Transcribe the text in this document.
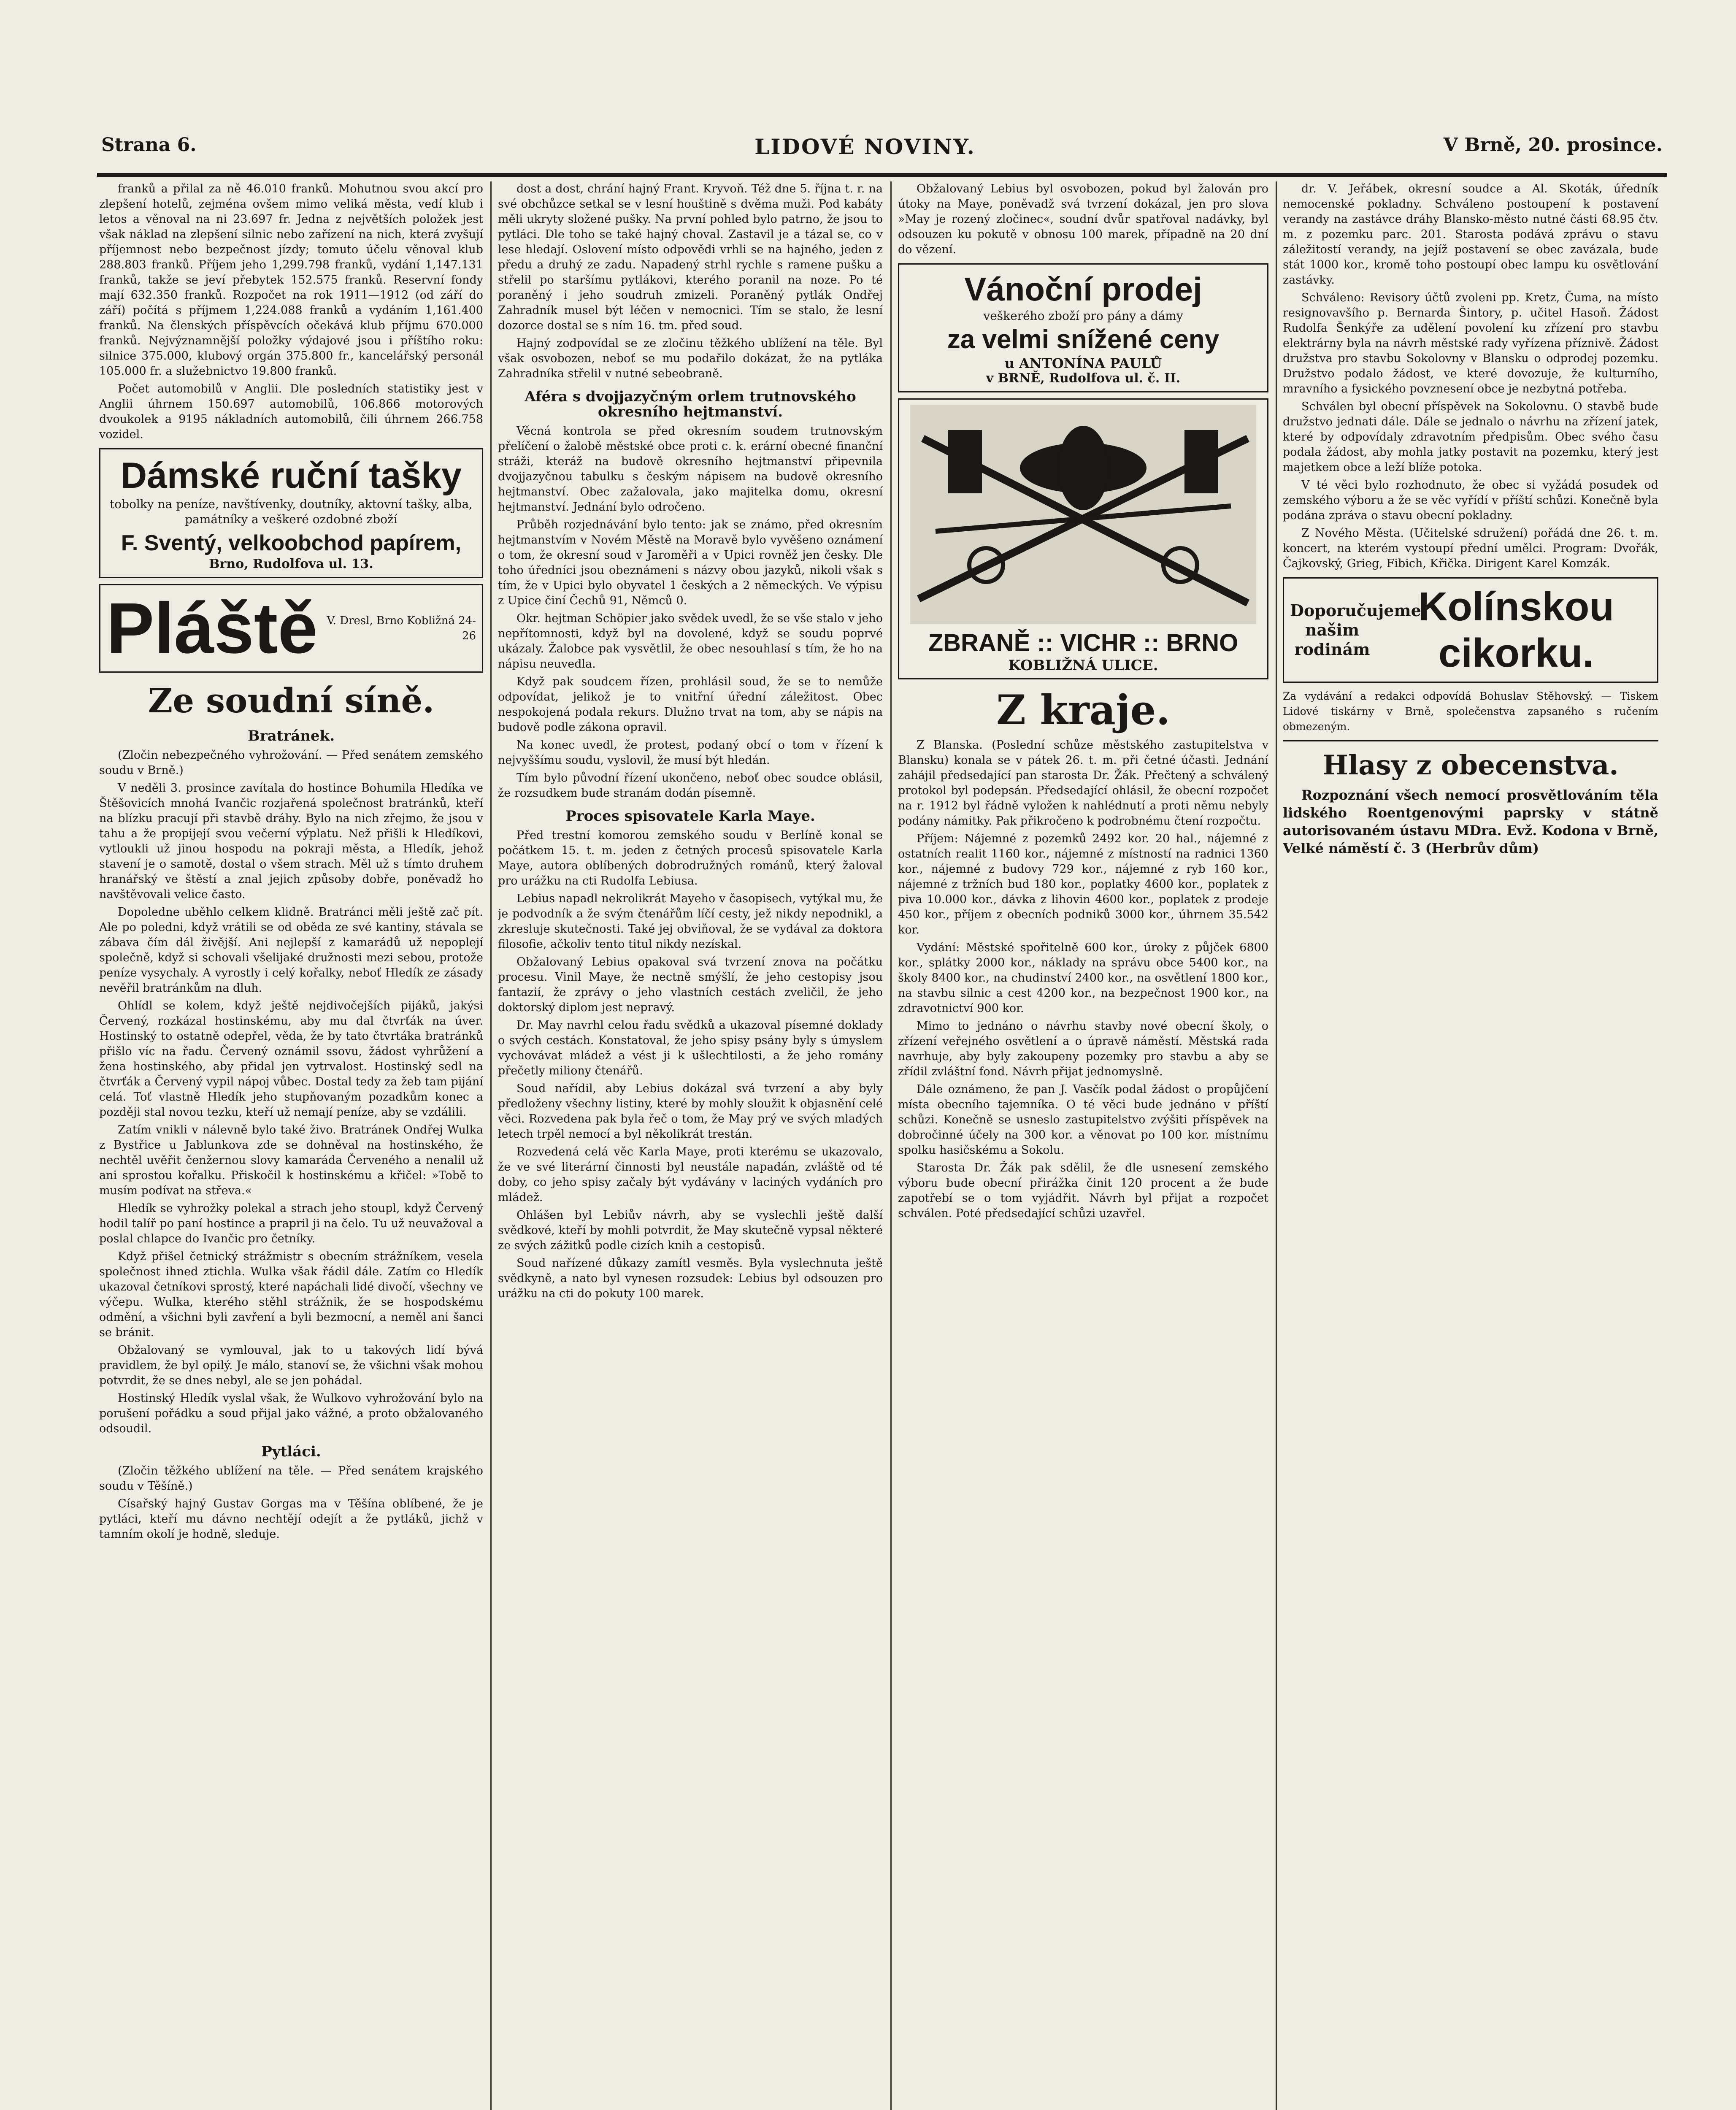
Strana 6.	LIDOVÉ NOVINY.	V Brně, 20. prosince.

franků a přilal za ně 46.010 franků. Mohutnou svou akcí pro zlepšení hotelů, zejména ovšem mimo veliká města, vedí klub i letos a věnoval na ni 23.697 fr. Jedna z největších položek jest však náklad na zlepšení silnic nebo zařízení na nich, která zvyšují příjemnost nebo bezpečnost jízdy; tomuto účelu věnoval klub 288.803 franků. Příjem jeho 1,299.798 franků, vydání 1,147.131 franků, takže se jeví přebytek 152.575 franků. Reservní fondy mají 632.350 franků. Rozpočet na rok 1911—1912 (od září do září) počítá s příjmem 1,224.088 franků a vydáním 1,161.400 franků. Na členských příspěvcích očekává klub příjmu 670.000 franků. Nejvýznamnější položky výdajové jsou i příštího roku: silnice 375.000, klubový orgán 375.800 fr., kancelářský personál 105.000 fr. a služebnictvo 19.800 franků.

Počet automobilů v Anglii. Dle posledních statistiky jest v Anglii úhrnem 150.697 automobilů, 106.866 motorových dvoukolek a 9195 nákladních automobilů, čili úhrnem 266.758 vozidel.

Dámské ruční tašky
tobolky na peníze, navštívenky, doutníky, aktovní tašky, alba, památníky a veškeré ozdobné zboží
F. Sventý, velkoobchod papírem,
Brno, Rudolfova ul. 13.
Pláště V. Dresl, Brno Kobližná 24-26
Ze soudní síně.
Bratránek.

(Zločin nebezpečného vyhrožování. — Před senátem zemského soudu v Brně.)

V neděli 3. prosince zavítala do hostince Bohumila Hledíka ve Štěšovicích mnohá Ivančic rozjařená společnost bratránků, kteří na blízku pracují při stavbě dráhy. Bylo na nich zřejmo, že jsou v tahu a že propijejí svou večerní výplatu. Než přišli k Hledíkovi, vytloukli už jinou hospodu na pokraji města, a Hledík, jehož stavení je o samotě, dostal o všem strach. Měl už s tímto druhem hranářský ve štěstí a znal jejich způsoby dobře, poněvadž ho navštěvovali velice často.

Dopoledne uběhlo celkem klidně. Bratránci měli ještě zač pít. Ale po poledni, když vrátili se od oběda ze své kantiny, stávala se zábava čím dál živější. Ani nejlepší z kamarádů už nepoplejí společně, když si schovali všelijaké družnosti mezi sebou, protože peníze vysychaly. A vyrostly i celý kořalky, neboť Hledík ze zásady nevěřil bratránkům na dluh.

Ohlídl se kolem, když ještě nejdivočejších pijáků, jakýsi Červený, rozkázal hostinskému, aby mu dal čtvrťák na úver. Hostinský to ostatně odepřel, věda, že by tato čtvrtáka bratránků přišlo víc na řadu. Červený oznámil ssovu, žádost vyhrůžení a žena hostinského, aby přidal jen vytrvalost. Hostinský sedl na čtvrťák a Červený vypil nápoj vůbec. Dostal tedy za žeb tam pijání celá. Toť vlastně Hledík jeho stupňovaným pozadkům konec a později stal novou tezku, kteří už nemají peníze, aby se vzdálili.

Zatím vnikli v nálevně bylo také živo. Bratránek Ondřej Wulka z Bystřice u Jablunkova zde se dohněval na hostinského, že nechtěl uvěřit čenžernou slovy kamaráda Červeného a nenalil už ani sprostou kořalku. Přiskočil k hostinskému a křičel: »Tobě to musím podívat na střeva.«

Hledík se vyhrožky polekal a strach jeho stoupl, když Červený hodil talíř po paní hostince a prapril ji na čelo. Tu už neuvažoval a poslal chlapce do Ivančic pro četníky.

Když přišel četnický strážmistr s obecním strážníkem, vesela společnost ihned ztichla. Wulka však řádil dále. Zatím co Hledík ukazoval četníkovi sprostý, které napáchali lidé divočí, všechny ve výčepu. Wulka, kterého stěhl strážnik, že se hospodskému odmění, a všichni byli zavření a byli bezmocní, a neměl ani šanci se bránit.

Obžalovaný se vymlouval, jak to u takových lidí bývá pravidlem, že byl opilý. Je málo, stanoví se, že všichni však mohou potvrdit, že se dnes nebyl, ale se jen pohádal.

Hostinský Hledík vyslal však, že Wulkovo vyhrožování bylo na porušení pořádku a soud přijal jako vážné, a proto obžalovaného odsoudil.

Pytláci.

(Zločin těžkého ublížení na těle. — Před senátem krajského soudu v Těšíně.)

Císařský hajný Gustav Gorgas ma v Těšína oblíbené, že je pytláci, kteří mu dávno nechtějí odejít a že pytláků, jichž v tamním okolí je hodně, sleduje.

dost a dost, chrání hajný Frant. Kryvoň. Též dne 5. října t. r. na své obchůzce setkal se v lesní houštině s dvěma muži. Pod kabáty měli ukryty složené pušky. Na první pohled bylo patrno, že jsou to pytláci. Dle toho se také hajný choval. Zastavil je a tázal se, co v lese hledají. Oslovení místo odpovědi vrhli se na hajného, jeden z předu a druhý ze zadu. Napadený strhl rychle s ramene pušku a střelil po staršímu pytlákovi, kterého poranil na noze. Po té poraněný i jeho soudruh zmizeli. Poraněný pytlák Ondřej Zahradník musel být léčen v nemocnici. Tím se stalo, že lesní dozorce dostal se s ním 16. tm. před soud.

Hajný zodpovídal se ze zločinu těžkého ublížení na těle. Byl však osvobozen, neboť se mu podařilo dokázat, že na pytláka Zahradníka střelil v nutné sebeobraně.

Aféra s dvojjazyčným orlem trutnovského okresního hejtmanství.

Věcná kontrola se před okresním soudem trutnovským přelíčení o žalobě městské obce proti c. k. erární obecné finanční stráži, kteráž na budově okresního hejtmanství připevnila dvojjazyčnou tabulku s českým nápisem na budově okresního hejtmanství. Obec zažalovala, jako majitelka domu, okresní hejtmanství. Jednání bylo odročeno.

Průběh rozjednávání bylo tento: jak se známo, před okresním hejtmanstvím v Novém Městě na Moravě bylo vyvěšeno oznámení o tom, že okresní soud v Jaroměři a v Upici rovněž jen česky. Dle toho úředníci jsou obeznámeni s názvy obou jazyků, nikoli však s tím, že v Upici bylo obyvatel 1 českých a 2 německých. Ve výpisu z Upice činí Čechů 91, Němců 0.

Okr. hejtman Schöpier jako svědek uvedl, že se vše stalo v jeho nepřítomnosti, když byl na dovolené, když se soudu poprvé ukázaly. Žalobce pak vysvětlil, že obec nesouhlasí s tím, že ho na nápisu neuvedla.

Když pak soudcem řízen, prohlásil soud, že se to nemůže odpovídat, jelikož je to vnitřní úřední záležitost. Obec nespokojená podala rekurs. Dlužno trvat na tom, aby se nápis na budově podle zákona opravil.

Na konec uvedl, že protest, podaný obcí o tom v řízení k nejvyššímu soudu, vyslovil, že musí být hledán.

Tím bylo původní řízení ukončeno, neboť obec soudce oblásil, že rozsudkem bude stranám dodán písemně.

Proces spisovatele Karla Maye.

Před trestní komorou zemského soudu v Berlíně konal se počátkem 15. t. m. jeden z četných procesů spisovatele Karla Maye, autora oblíbených dobrodružných románů, který žaloval pro urážku na cti Rudolfa Lebiusa.

Lebius napadl nekrolikrát Mayeho v časopisech, vytýkal mu, že je podvodník a že svým čtenářům líčí cesty, jež nikdy nepodnikl, a zkresluje skutečnosti. Také jej obviňoval, že se vydával za doktora filosofie, ačkoliv tento titul nikdy nezískal.

Obžalovaný Lebius opakoval svá tvrzení znova na počátku procesu. Vinil Maye, že nectně smýšlí, že jeho cestopisy jsou fantazií, že zprávy o jeho vlastních cestách zveličil, že jeho doktorský diplom jest nepravý.

Dr. May navrhl celou řadu svědků a ukazoval písemné doklady o svých cestách. Konstatoval, že jeho spisy psány byly s úmyslem vychovávat mládež a vést ji k ušlechtilosti, a že jeho romány přečetly miliony čtenářů.

Soud nařídil, aby Lebius dokázal svá tvrzení a aby byly předloženy všechny listiny, které by mohly sloužit k objasnění celé věci. Rozvedena pak byla řeč o tom, že May prý ve svých mladých letech trpěl nemocí a byl několikrát trestán.

Rozvedená celá věc Karla Maye, proti kterému se ukazovalo, že ve své literární činnosti byl neustále napadán, zvláště od té doby, co jeho spisy začaly být vydávány v laciných vydáních pro mládež.

Ohlášen byl Lebiův návrh, aby se vyslechli ještě další svědkové, kteří by mohli potvrdit, že May skutečně vypsal některé ze svých zážitků podle cizích knih a cestopisů.

Soud nařízené důkazy zamítl vesměs. Byla vyslechnuta ještě svědkyně, a nato byl vynesen rozsudek: Lebius byl odsouzen pro urážku na cti do pokuty 100 marek.

Obžalovaný Lebius byl osvobozen, pokud byl žalován pro útoky na Maye, poněvadž svá tvrzení dokázal, jen pro slova »May je rozený zločinec«, soudní dvůr spatřoval nadávky, byl odsouzen ku pokutě v obnosu 100 marek, případně na 20 dní do vězení.

Vánoční prodej
veškerého zboží pro pány a dámy
za velmi snížené ceny
u ANTONÍNA PAULŮ
v BRNĚ, Rudolfova ul. č. II.
ZBRANĚ :: VICHR :: BRNO
KOBLIŽNÁ ULICE.
Z kraje.

Z Blanska. (Poslední schůze městského zastupitelstva v Blansku) konala se v pátek 26. t. m. při četné účasti. Jednání zahájil předsedající pan starosta Dr. Žák. Přečtený a schválený protokol byl podepsán. Předsedající ohlásil, že obecní rozpočet na r. 1912 byl řádně vyložen k nahlédnutí a proti němu nebyly podány námitky. Pak přikročeno k podrobnému čtení rozpočtu.

Příjem: Nájemné z pozemků 2492 kor. 20 hal., nájemné z ostatních realit 1160 kor., nájemné z místností na radnici 1360 kor., nájemné z budovy 729 kor., nájemné z ryb 160 kor., nájemné z tržních bud 180 kor., poplatky 4600 kor., poplatek z piva 10.000 kor., dávka z lihovin 4600 kor., poplatek z prodeje 450 kor., příjem z obecních podniků 3000 kor., úhrnem 35.542 kor.

Vydání: Městské spořitelně 600 kor., úroky z půjček 6800 kor., splátky 2000 kor., náklady na správu obce 5400 kor., na školy 8400 kor., na chudinství 2400 kor., na osvětlení 1800 kor., na stavbu silnic a cest 4200 kor., na bezpečnost 1900 kor., na zdravotnictví 900 kor.

Mimo to jednáno o návrhu stavby nové obecní školy, o zřízení veřejného osvětlení a o úpravě náměstí. Městská rada navrhuje, aby byly zakoupeny pozemky pro stavbu a aby se zřídil zvláštní fond. Návrh přijat jednomyslně.

Dále oznámeno, že pan J. Vasčík podal žádost o propůjčení místa obecního tajemníka. O té věci bude jednáno v příští schůzi. Konečně se usneslo zastupitelstvo zvýšiti příspěvek na dobročinné účely na 300 kor. a věnovat po 100 kor. místnímu spolku hasičskému a Sokolu.

Starosta Dr. Žák pak sdělil, že dle usnesení zemského výboru bude obecní přirážka činit 120 procent a že bude zapotřebí se o tom vyjádřit. Návrh byl přijat a rozpočet schválen. Poté předsedající schůzi uzavřel.

dr. V. Jeřábek, okresní soudce a Al. Skoták, úředník nemocenské pokladny. Schváleno postoupení k postavení verandy na zastávce dráhy Blansko-město nutné části 68.95 čtv. m. z pozemku parc. 201. Starosta podává zprávu o stavu záležitostí verandy, na jejíž postavení se obec zavázala, bude stát 1000 kor., kromě toho postoupí obec lampu ku osvětlování zastávky.

Schváleno: Revisory účtů zvoleni pp. Kretz, Čuma, na místo resignovavšího p. Bernarda Šintory, p. učitel Hasoň. Žádost Rudolfa Šenkýře za udělení povolení ku zřízení pro stavbu elektrárny byla na návrh městské rady vyřízena příznivě. Žádost družstva pro stavbu Sokolovny v Blansku o odprodej pozemku. Družstvo podalo žádost, ve které dovozuje, že kulturního, mravního a fysického povznesení obce je nezbytná potřeba.

Schválen byl obecní příspěvek na Sokolovnu. O stavbě bude družstvo jednati dále. Dále se jednalo o návrhu na zřízení jatek, které by odpovídaly zdravotním předpisům. Obec svého času podala žádost, aby mohla jatky postavit na pozemku, který jest majetkem obce a leží blíže potoka.

V té věci bylo rozhodnuto, že obec si vyžádá posudek od zemského výboru a že se věc vyřídí v příští schůzi. Konečně byla podána zpráva o stavu obecní pokladny.

Z Nového Města. (Učitelské sdružení) pořádá dne 26. t. m. koncert, na kterém vystoupí přední umělci. Program: Dvořák, Čajkovský, Grieg, Fibich, Křička. Dirigent Karel Komzák.

Doporučujeme našim rodinám
Kolínskou cikorku.

Za vydávání a redakci odpovídá Bohuslav Stěhovský. — Tiskem Lidové tiskárny v Brně, společenstva zapsaného s ručením obmezeným.

Hlasy z obecenstva.

Rozpoznání všech nemocí prosvětlováním těla lidského Roentgenovými paprsky v státně autorisovaném ústavu MDra. Evž. Kodona v Brně, Velké náměstí č. 3 (Herbrův dům)
